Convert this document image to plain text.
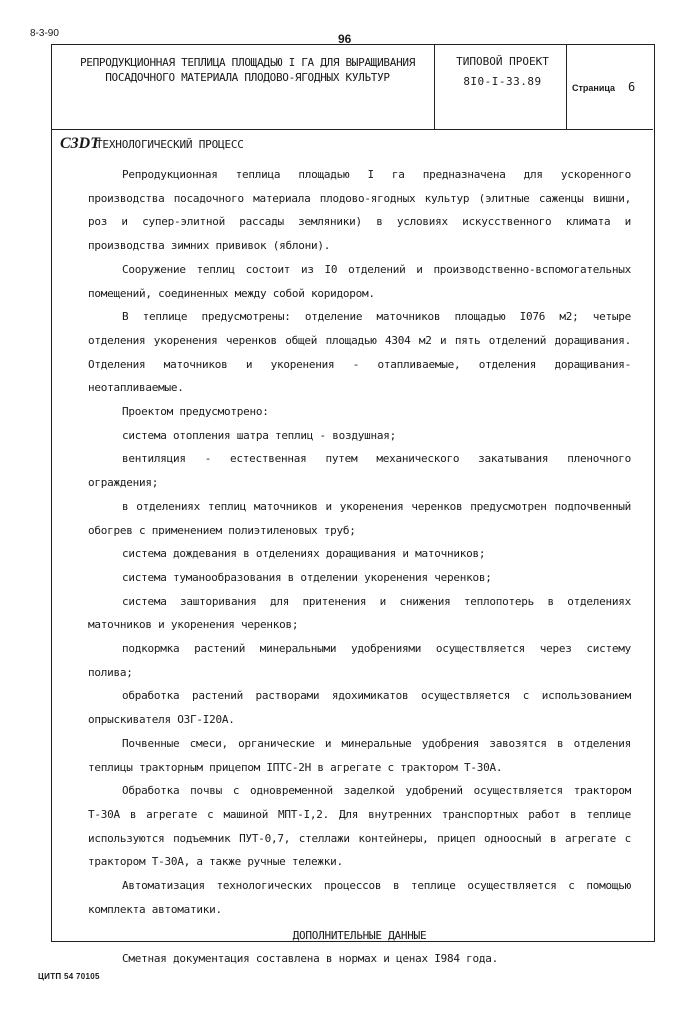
8-3-90	96
РЕПРОДУКЦИОННАЯ ТЕПЛИЦА ПЛОЩАДЬЮ I ГА ДЛЯ ВЫРАЩИВАНИЯ
ПОСАДОЧНОГО МАТЕРИАЛА ПЛОДОВО-ЯГОДНЫХ КУЛЬТУР
ТИПОВОЙ ПРОЕКТ
8I0-I-33.89	Страница 6
C3DT
ТЕХНОЛОГИЧЕСКИЙ ПРОЦЕСС

Репродукционная теплица площадью I га предназначена для ускоренного производства посадочного материала плодово-ягодных культур (элитные саженцы вишни, роз и супер-элитной рассады земляники) в условиях искусственного климата и производства зимних прививок (яблони).

Сооружение теплиц состоит из I0 отделений и производственно-вспомогательных помещений, соединенных между собой коридором.

В теплице предусмотрены: отделение маточников площадью I076 м2; четыре отделения укоренения черенков общей площадью 4304 м2 и пять отделений доращивания. Отделения маточников и укоренения - отапливаемые, отделения доращивания-неотапливаемые.

Проектом предусмотрено:

система отопления шатра теплиц - воздушная;

вентиляция - естественная путем механического закатывания пленочного ограждения;

в отделениях теплиц маточников и укоренения черенков предусмотрен подпочвенный обогрев с применением полиэтиленовых труб;

система дождевания в отделениях доращивания и маточников;

система туманообразования в отделении укоренения черенков;

система зашторивания для притенения и снижения теплопотерь в отделениях маточников и укоренения черенков;

подкормка растений минеральными удобрениями осуществляется через систему полива;

обработка растений растворами ядохимикатов осуществляется с использованием опрыскивателя ОЗГ-I20А.

Почвенные смеси, органические и минеральные удобрения завозятся в отделения теплицы тракторным прицепом IПТС-2Н в агрегате с трактором Т-30А.

Обработка почвы с одновременной заделкой удобрений осуществляется трактором Т-30А в агрегате с машиной МПТ-I,2. Для внутренних транспортных работ в теплице используются подъемник ПУТ-0,7, стеллажи контейнеры, прицеп одноосный в агрегате с трактором Т-30А, а также ручные тележки.

Автоматизация технологических процессов в теплице осуществляется с помощью комплекта автоматики.

ДОПОЛНИТЕЛЬНЫЕ ДАННЫЕ

Сметная документация составлена в нормах и ценах I984 года.

ЦИТП 54 70105
